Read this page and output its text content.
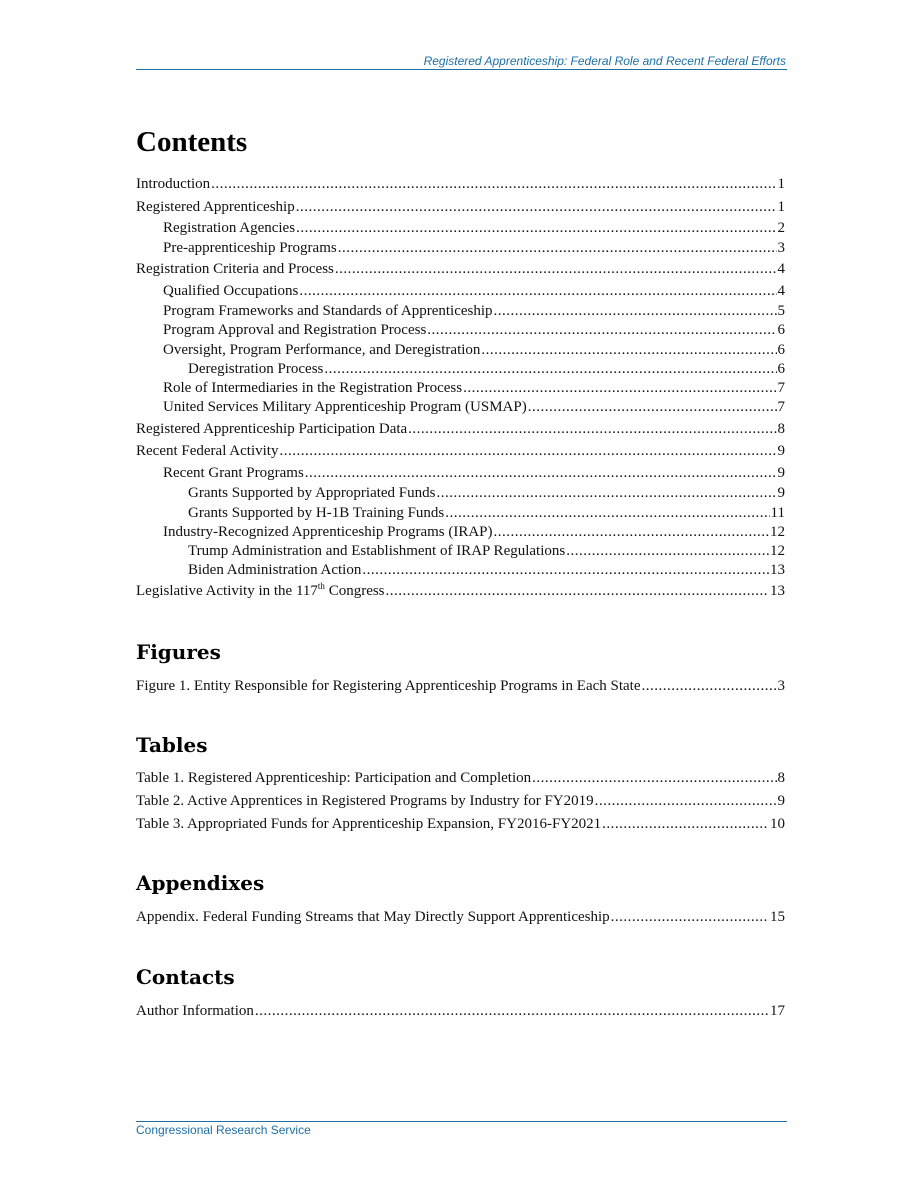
Registered Apprenticeship: Federal Role and Recent Federal Efforts
Contents
Introduction .....	1
Registered Apprenticeship .....	1
Registration Agencies .....	2
Pre-apprenticeship Programs .....	3
Registration Criteria and Process .....	4
Qualified Occupations .....	4
Program Frameworks and Standards of Apprenticeship .....	5
Program Approval and Registration Process .....	6
Oversight, Program Performance, and Deregistration .....	6
Deregistration Process .....	6
Role of Intermediaries in the Registration Process .....	7
United Services Military Apprenticeship Program (USMAP) .....	7
Registered Apprenticeship Participation Data .....	8
Recent Federal Activity .....	9
Recent Grant Programs .....	9
Grants Supported by Appropriated Funds .....	9
Grants Supported by H-1B Training Funds .....	11
Industry-Recognized Apprenticeship Programs (IRAP) .....	12
Trump Administration and Establishment of IRAP Regulations .....	12
Biden Administration Action .....	13
Legislative Activity in the 117th Congress .....	13
Figures
Figure 1. Entity Responsible for Registering Apprenticeship Programs in Each State .....	3
Tables
Table 1. Registered Apprenticeship: Participation and Completion .....	8
Table 2. Active Apprentices in Registered Programs by Industry for FY2019 .....	9
Table 3. Appropriated Funds for Apprenticeship Expansion, FY2016-FY2021 .....	10
Appendixes
Appendix. Federal Funding Streams that May Directly Support Apprenticeship .....	15
Contacts
Author Information .....	17
Congressional Research Service
